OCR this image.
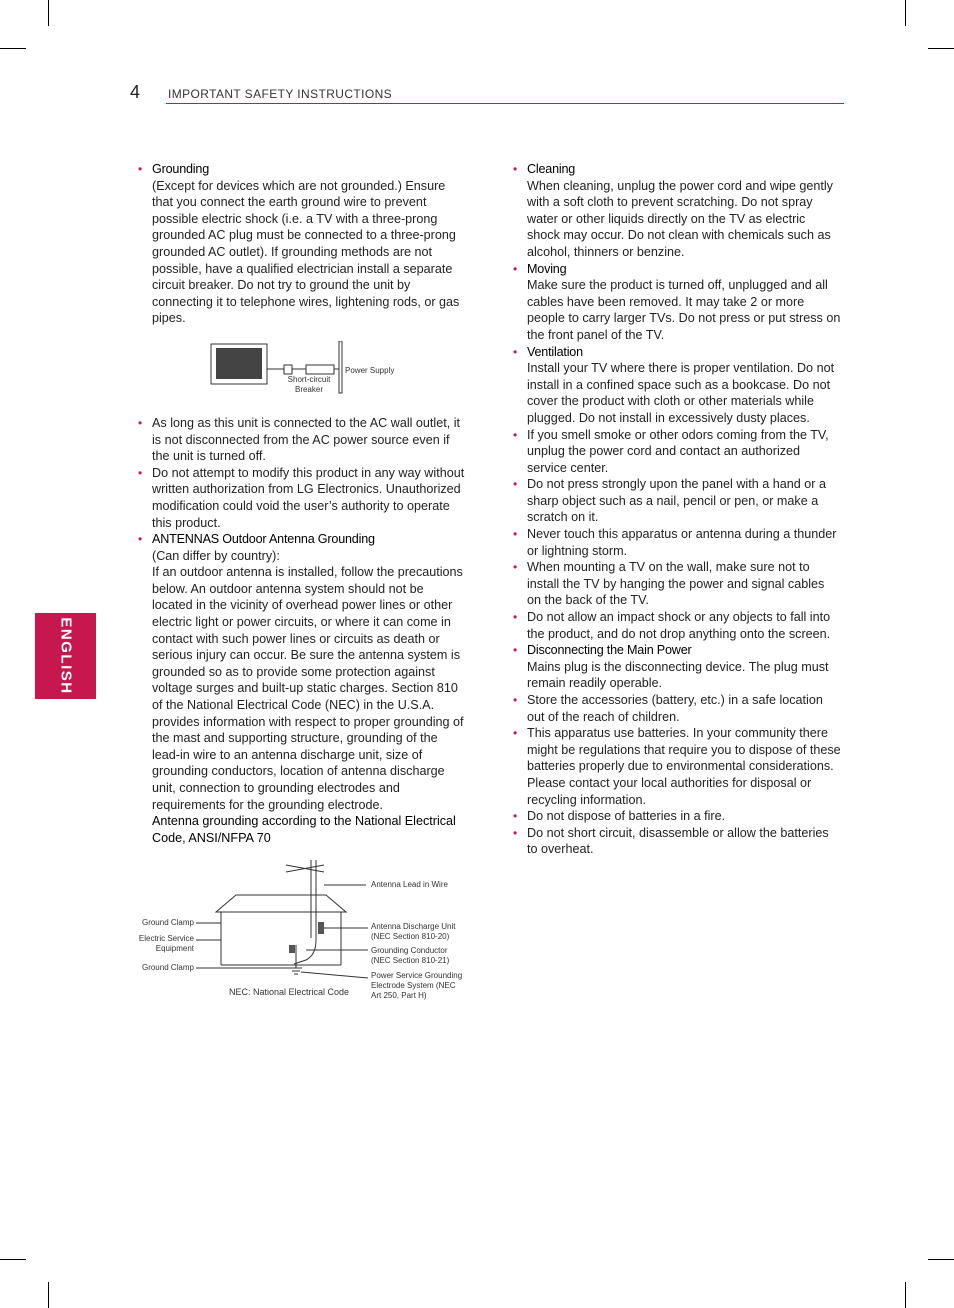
4 IMPORTANT SAFETY INSTRUCTIONS
ENGLISH
• Grounding

(Except for devices which are not grounded.) Ensure that you connect the earth ground wire to prevent possible electric shock (i.e. a TV with a three-prong grounded AC plug must be connected to a three-prong grounded AC outlet). If grounding methods are not possible, have a qualified electrician install a separate circuit breaker. Do not try to ground the unit by connecting it to telephone wires, lightening rods, or gas pipes.

Short-circuit Breaker
Power Supply
• As long as this unit is connected to the AC wall outlet, it is not disconnected from the AC power source even if the unit is turned off.

• Do not attempt to modify this product in any way without written authorization from LG Electronics. Unauthorized modification could void the user’s authority to operate this product.

• ANTENNAS Outdoor Antenna Grounding

(Can differ by country):

If an outdoor antenna is installed, follow the precautions below. An outdoor antenna system should not be located in the vicinity of overhead power lines or other electric light or power circuits, or where it can come in contact with such power lines or circuits as death or serious injury can occur. Be sure the antenna system is grounded so as to provide some protection against voltage surges and built-up static charges. Section 810 of the National Electrical Code (NEC) in the U.S.A. provides information with respect to proper grounding of the mast and supporting structure, grounding of the lead-in wire to an antenna discharge unit, size of grounding conductors, location of antenna discharge unit, connection to grounding electrodes and requirements for the grounding electrode.

Antenna grounding according to the National Electrical Code, ANSI/NFPA 70

Antenna Lead in Wire
Ground Clamp
Electric Service Equipment
Ground Clamp
Antenna Discharge Unit (NEC Section 810-20)
Grounding Conductor (NEC Section 810-21)
Power Service Grounding Electrode System (NEC Art 250, Part H)
NEC: National Electrical Code
• Cleaning

When cleaning, unplug the power cord and wipe gently with a soft cloth to prevent scratching. Do not spray water or other liquids directly on the TV as electric shock may occur. Do not clean with chemicals such as alcohol, thinners or benzine.

• Moving

Make sure the product is turned off, unplugged and all cables have been removed. It may take 2 or more people to carry larger TVs. Do not press or put stress on the front panel of the TV.

• Ventilation

Install your TV where there is proper ventilation. Do not install in a confined space such as a bookcase. Do not cover the product with cloth or other materials while plugged. Do not install in excessively dusty places.

• If you smell smoke or other odors coming from the TV, unplug the power cord and contact an authorized service center.

• Do not press strongly upon the panel with a hand or a sharp object such as a nail, pencil or pen, or make a scratch on it.

• Never touch this apparatus or antenna during a thunder or lightning storm.

• When mounting a TV on the wall, make sure not to install the TV by hanging the power and signal cables on the back of the TV.

• Do not allow an impact shock or any objects to fall into the product, and do not drop anything onto the screen.

• Disconnecting the Main Power

Mains plug is the disconnecting device. The plug must remain readily operable.

• Store the accessories (battery, etc.) in a safe location out of the reach of children.

• This apparatus use batteries. In your community there might be regulations that require you to dispose of these batteries properly due to environmental considerations. Please contact your local authorities for disposal or recycling information.

• Do not dispose of batteries in a fire.

• Do not short circuit, disassemble or allow the batteries to overheat.
